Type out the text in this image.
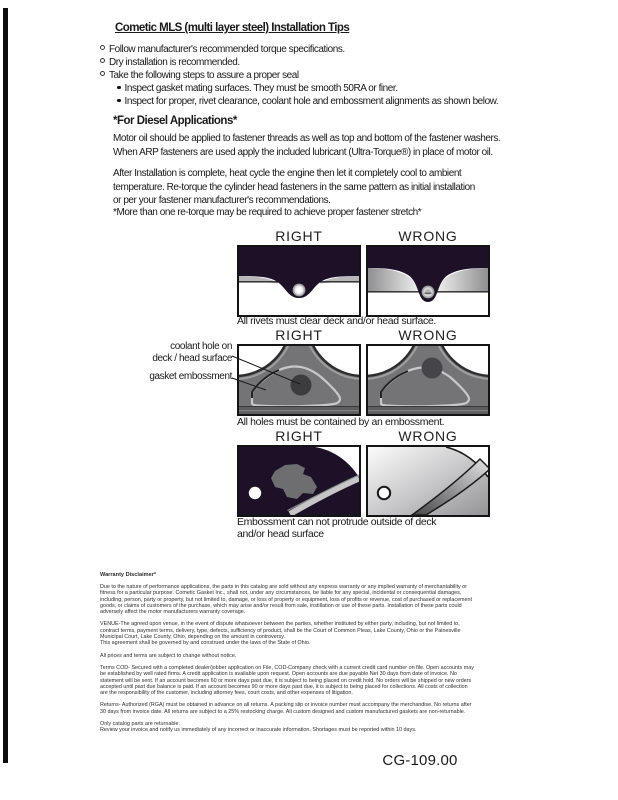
Cometic MLS (multi layer steel) Installation Tips
Follow manufacturer's recommended torque specifications.
Dry installation is recommended.
Take the following steps to assure a proper seal
Inspect gasket mating surfaces. They must be smooth 50RA or finer.
Inspect for proper, rivet clearance, coolant hole and embossment alignments as shown below.
*For Diesel Applications*
Motor oil should be applied to fastener threads as well as top and bottom of the fastener washers.
When ARP fasteners are used apply the included lubricant (Ultra-Torque®) in place of motor oil.
After Installation is complete, heat cycle the engine then let it completely cool to ambient
temperature. Re-torque the cylinder head fasteners in the same pattern as initial installation
or per your fastener manufacturer's recommendations.
*More than one re-torque may be required to achieve proper fastener stretch*
RIGHT	WRONG
All rivets must clear deck and/or head surface.
RIGHT	WRONG
coolant hole on
deck / head surface
gasket embossment
All holes must be contained by an embossment.
RIGHT	WRONG
Embossment can not protrude outside of deck
and/or head surface
Warranty Disclaimer*
Due to the nature of performance applications, the parts in this catalog are sold without any express warranty or any implied warranty of merchantability or
fitness for a particular purpose. Cometic Gasket Inc., shall not, under any circumstances, be liable for any special, incidental or consequential damages,
including, person, party or property, but not limited to, damage, or loss of property or equipment, loss of profits or revenue, cost of purchased or replacement
goods, or claims of customers of the purchase, which may arise and/or result from sale, instillation or use of these parts. Installation of these parts could
adversely affect the motor manufacturers warranty coverage.
VENUE-The agreed upon venue, in the event of dispute whatsoever between the parties, whether instituted by either party, including, but not limited to,
contract terms, payment terms, delivery, type, defects, sufficiency of product, shall be the Court of Common Pleas, Lake County, Ohio or the Painesville
Municipal Court, Lake County, Ohio, depending on the amount in controversy.
This agreement shall be governed by and construed under the laws of the State of Ohio.
All prices and terms are subject to change without notice.
Terms COD- Secured with a completed dealer/jobber application on File, COD-Company check with a current credit card number on file. Open accounts may
be established by well rated firms. A credit application is available upon request. Open accounts are due payable Net 30 days from date of invoice. No
statement will be sent. If an account becomes 60 or more days past due, it is subject to being placed on credit hold. No orders will be shipped or new orders
accepted until past due balance is paid. If an account becomes 90 or more days past due, it is subject to being placed for collections. All costs of collection
are the responsibility of the customer, including attorney fees, court costs, and other expenses of litigation.
Returns- Authorized (RGA) must be obtained in advance on all returns. A packing slip or invoice number must accompany the merchandise. No returns after
30 days from invoice date. All returns are subject to a 25% restocking charge. All custom designed and custom manufactured gaskets are non-returnable.
Only catalog parts are returnable.
Review your invoice and notify us immediately of any incorrect or inaccurate information. Shortages must be reported within 10 days.
CG-109.00
